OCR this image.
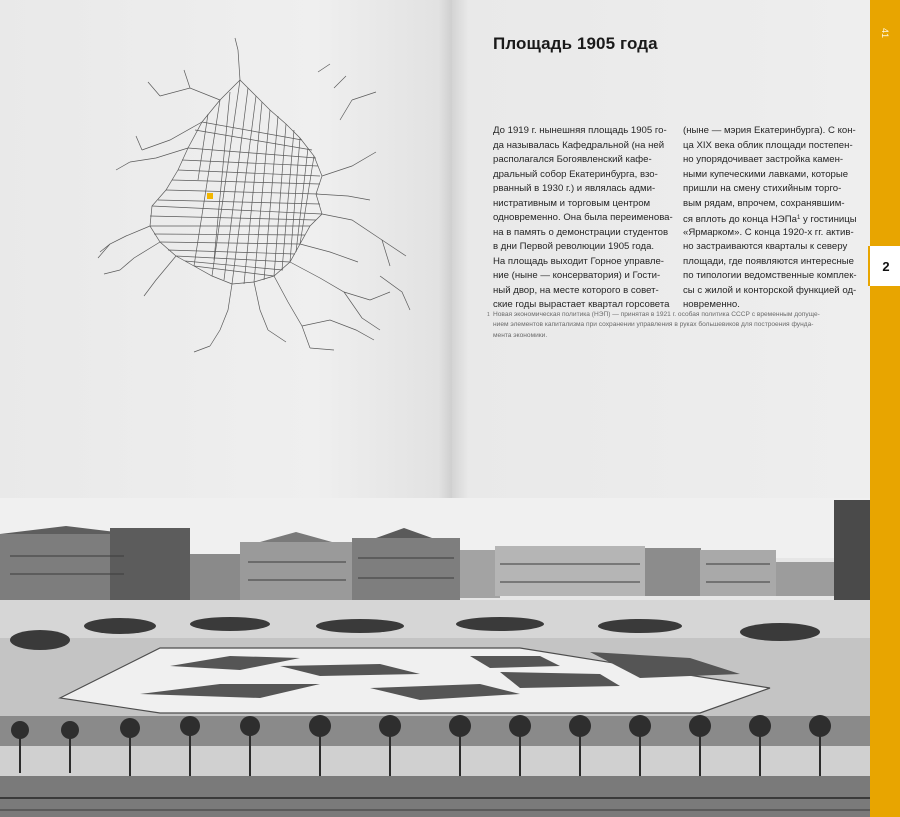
41
2
Площадь 1905 года
До 1919 г. нынешняя площадь 1905 го-
да называлась Кафедральной (на ней
располагался Богоявленский кафе-
дральный собор Екатеринбурга, взо-
рванный в 1930 г.) и являлась адми-
нистративным и торговым центром
одновременно. Она была переименова-
на в память о демонстрации студентов
в дни Первой революции 1905 года.
На площадь выходит Горное управле-
ние (ныне — консерватория) и Гости-
ный двор, на месте которого в совет-
ские годы вырастает квартал горсовета
(ныне — мэрия Екатеринбурга). С кон-
ца XIX века облик площади постепен-
но упорядочивает застройка камен-
ными купеческими лавками, которые
пришли на смену стихийным торго-
вым рядам, впрочем, сохранявшим-
ся вплоть до конца НЭПа$^1$ у гостиницы
«Ярмарком». С конца 1920-х гг. актив-
но застраиваются кварталы к северу
площади, где появляются интересные
по типологии ведомственные комплек-
сы с жилой и конторской функцией од-
новременно.
1 Новая экономическая политика (НЭП) — принятая в 1921 г. особая политика СССР с временным допуще-
нием элементов капитализма при сохранении управления в руках большевиков для построения фунда-
мента экономики.
